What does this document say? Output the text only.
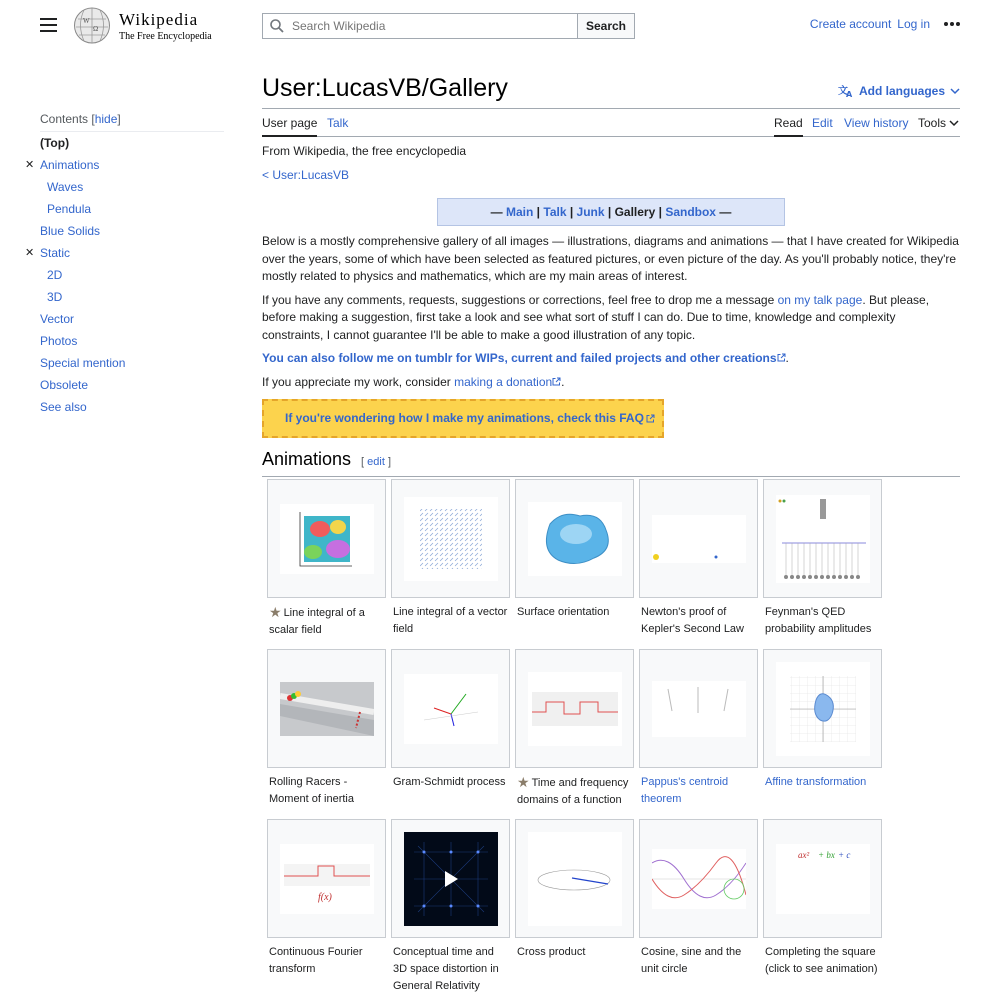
W
Ω Wikipedia
The Free Encyclopedia
Search Wikipedia
Search	Create account Log in
Contents [hide]
(Top)
✕ Animations
Waves
Pendula
Blue Solids
✕ Static
2D
3D
Vector
Photos
Special mention
Obsolete
See also
User:LucasVB/Gallery	文
A Add languages
User page Talk	Read Edit View history Tools

From Wikipedia, the free encyclopedia

< User:LucasVB

— Main | Talk | Junk | Gallery | Sandbox —

Below is a mostly comprehensive gallery of all images — illustrations, diagrams and animations — that I have created for Wikipedia over the years, some of which have been selected as featured pictures, or even picture of the day. As you'll probably notice, they're mostly related to physics and mathematics, which are my main areas of interest.

If you have any comments, requests, suggestions or corrections, feel free to drop me a message on my talk page. But please, before making a suggestion, first take a look and see what sort of stuff I can do. Due to time, knowledge and complexity constraints, I cannot guarantee I'll be able to make a good illustration of any topic.

You can also follow me on tumblr for WIPs, current and failed projects and other creations .

If you appreciate my work, consider making a donation .

If you're wondering how I make my animations, check this FAQ
Animations [ edit ]
★ Line integral of a scalar field
Line integral of a vector field
Surface orientation	Newton's proof of Kepler's Second Law
Feynman's QED probability amplitudes
Rolling Racers - Moment of inertia
Gram-Schmidt process ★ Time and frequency domains of a function
Pappus's centroid theorem
Affine transformation
f(x)
Continuous Fourier transform
Conceptual time and 3D space distortion in General Relativity
Cross product	Cosine, sine and the unit circle
ax² + bx + c
Completing the square (click to see animation)
